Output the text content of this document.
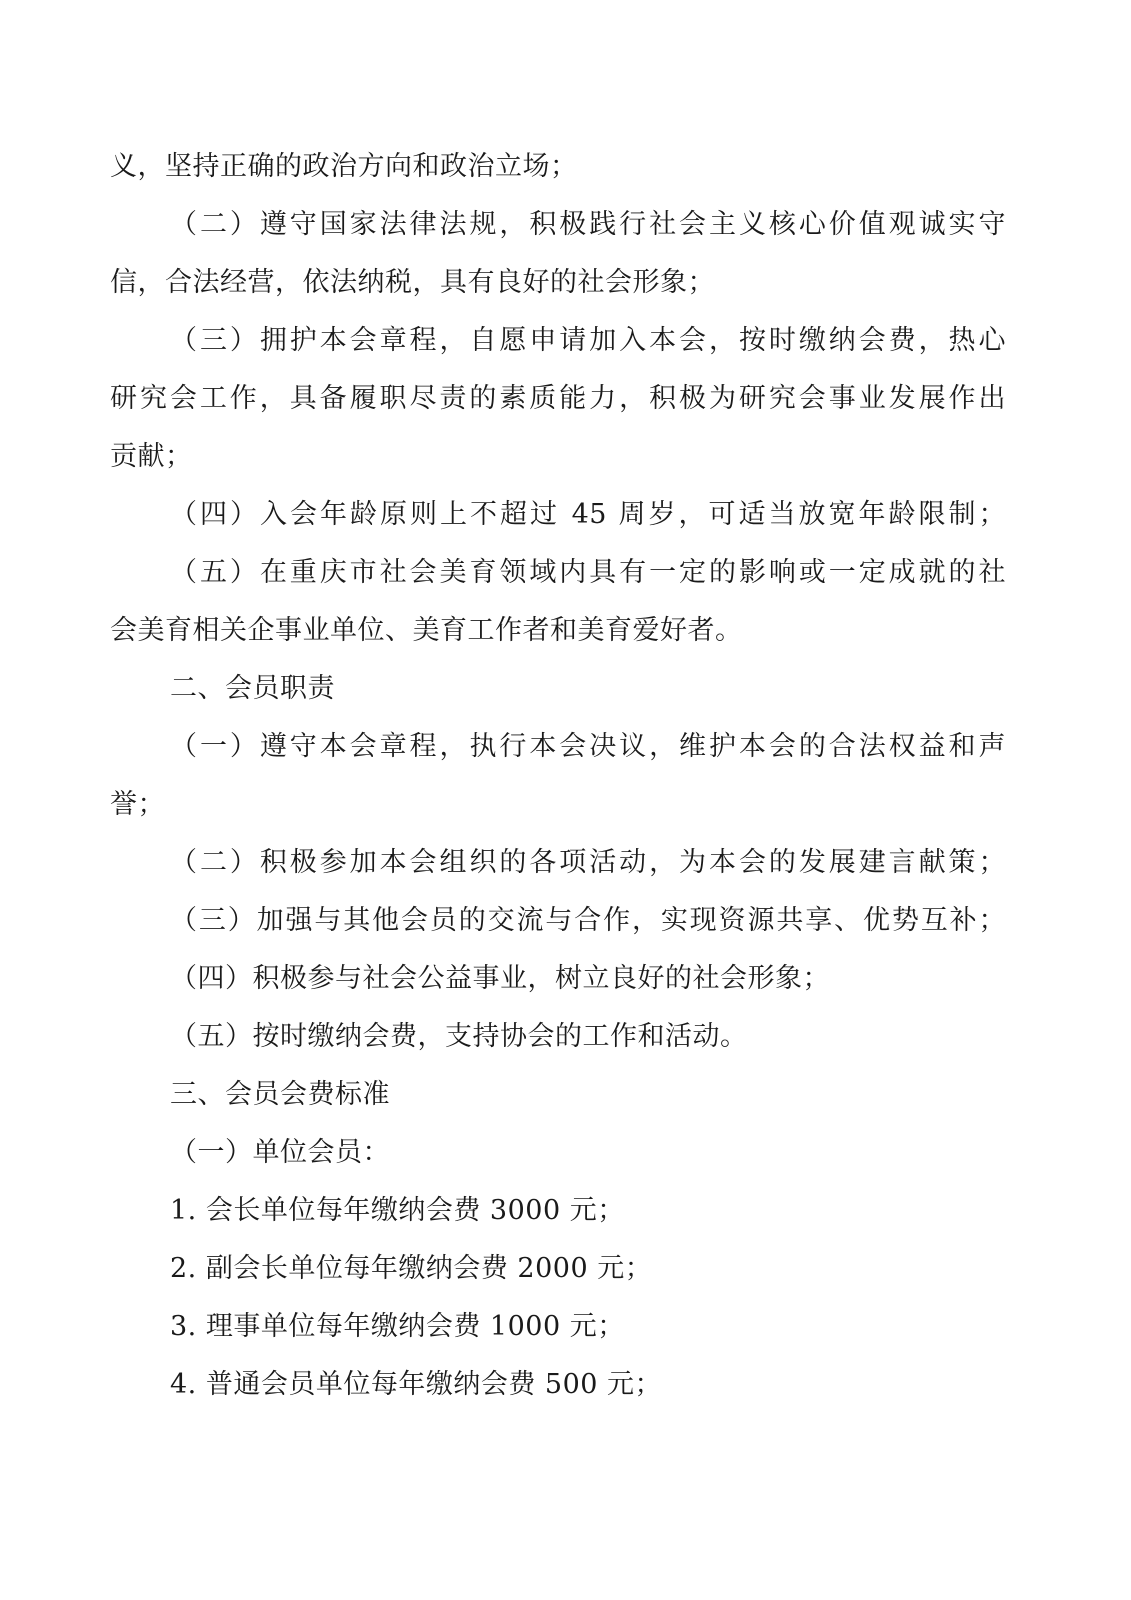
义，坚持正确的政治方向和政治立场；
（二）遵守国家法律法规，积极践行社会主义核心价值观诚实守
信，合法经营，依法纳税，具有良好的社会形象；
（三）拥护本会章程，自愿申请加入本会，按时缴纳会费，热心
研究会工作，具备履职尽责的素质能力，积极为研究会事业发展作出
贡献；
（四）入会年龄原则上不超过 45 周岁，可适当放宽年龄限制；
（五）在重庆市社会美育领域内具有一定的影响或一定成就的社
会美育相关企事业单位、美育工作者和美育爱好者。
二、会员职责
（一）遵守本会章程，执行本会决议，维护本会的合法权益和声
誉；
（二）积极参加本会组织的各项活动，为本会的发展建言献策；
（三）加强与其他会员的交流与合作，实现资源共享、优势互补；
（四）积极参与社会公益事业，树立良好的社会形象；
（五）按时缴纳会费，支持协会的工作和活动。
三、会员会费标准
（一）单位会员：
1. 会长单位每年缴纳会费 3000 元；
2. 副会长单位每年缴纳会费 2000 元；
3. 理事单位每年缴纳会费 1000 元；
4. 普通会员单位每年缴纳会费 500 元；
